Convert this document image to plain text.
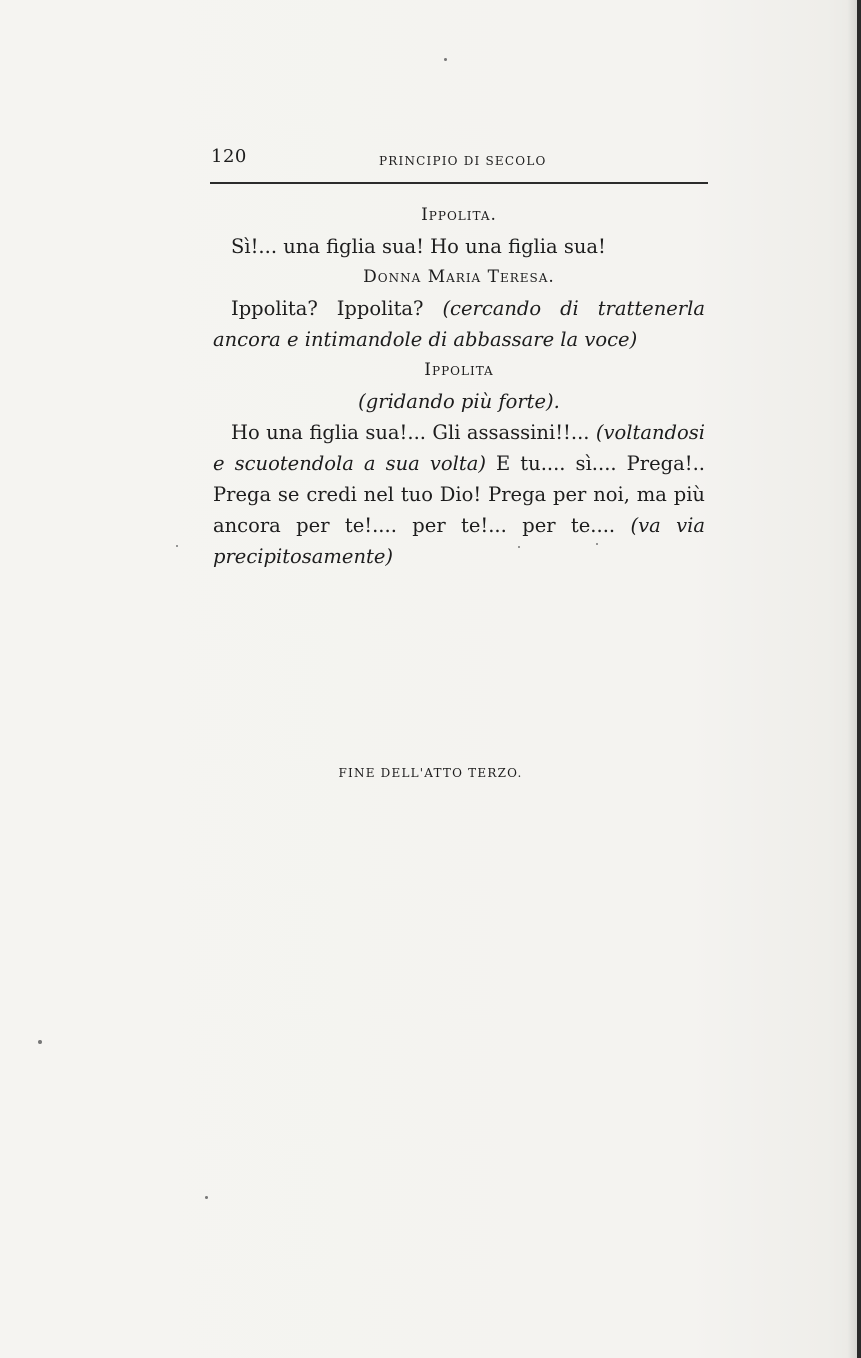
120	PRINCIPIO DI SECOLO
Ippolita.
Sì!... una figlia sua! Ho una figlia sua!
Donna Maria Teresa.
Ippolita? Ippolita? (cercando di trattenerla ancora e intimandole di abbassare la voce)
Ippolita
(gridando più forte).
Ho una figlia sua!... Gli assassini!!... (voltandosi e scuotendola a sua volta) E tu.... sì.... Prega!.. Prega se credi nel tuo Dio! Prega per noi, ma più ancora per te!.... per te!... per te.... (va via precipitosamente)
FINE DELL'ATTO TERZO.
